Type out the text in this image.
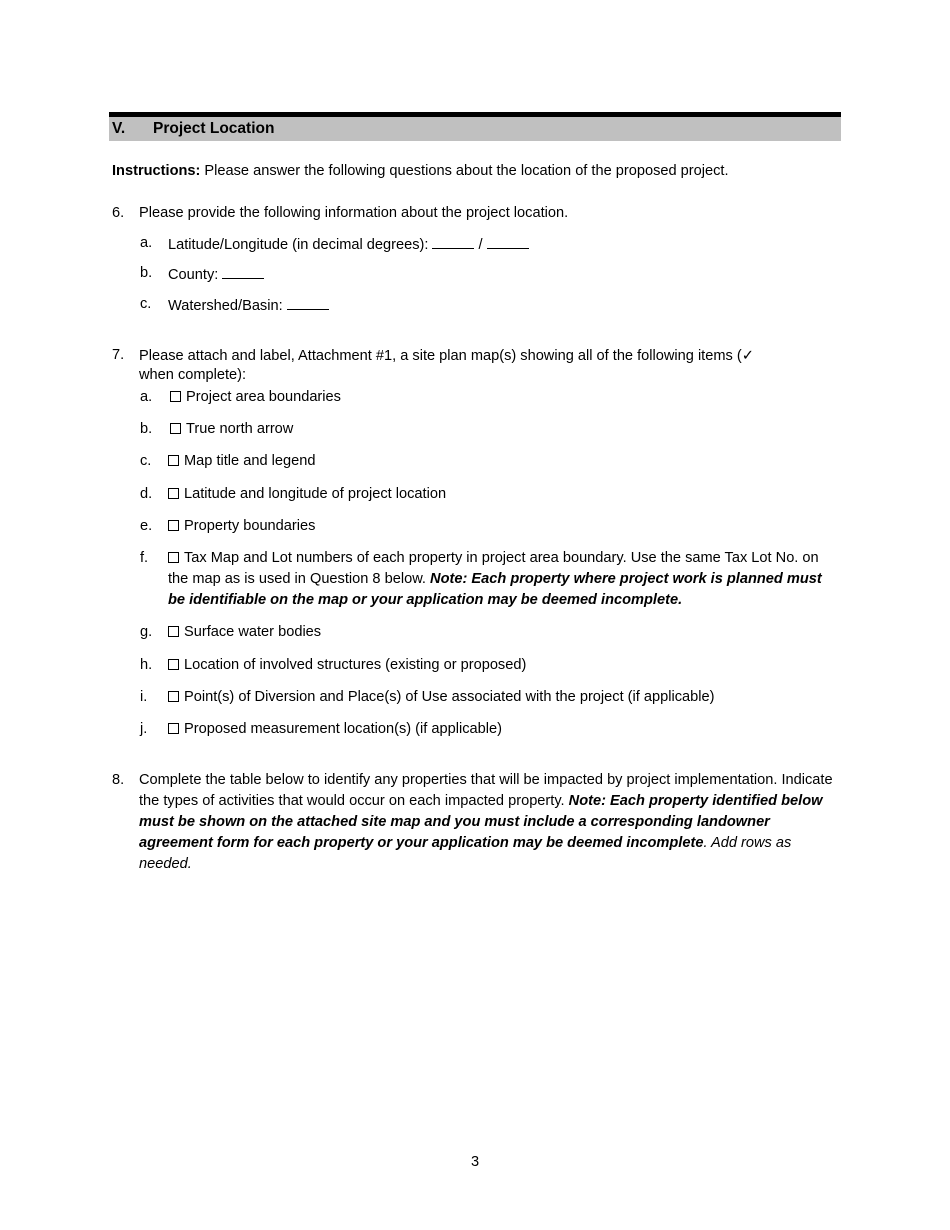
V. Project Location
Instructions: Please answer the following questions about the location of the proposed project.
6. Please provide the following information about the project location.
a. Latitude/Longitude (in decimal degrees):	/
b. County:
c. Watershed/Basin:
7. Please attach and label, Attachment #1, a site plan map(s) showing all of the following items (✓
when complete):
a.	Project area boundaries
b.	True north arrow
c.	Map title and legend
d.	Latitude and longitude of project location
e.	Property boundaries
f.	Tax Map and Lot numbers of each property in project area boundary. Use the same Tax Lot No. on the map as is used in Question 8 below. Note: Each property where project work is planned must be identifiable on the map or your application may be deemed incomplete.
g.	Surface water bodies
h.	Location of involved structures (existing or proposed)
i.	Point(s) of Diversion and Place(s) of Use associated with the project (if applicable)
j.	Proposed measurement location(s) (if applicable)
8. Complete the table below to identify any properties that will be impacted by project implementation. Indicate the types of activities that would occur on each impacted property. Note: Each property identified below must be shown on the attached site map and you must include a corresponding landowner agreement form for each property or your application may be deemed incomplete. Add rows as needed.
3
